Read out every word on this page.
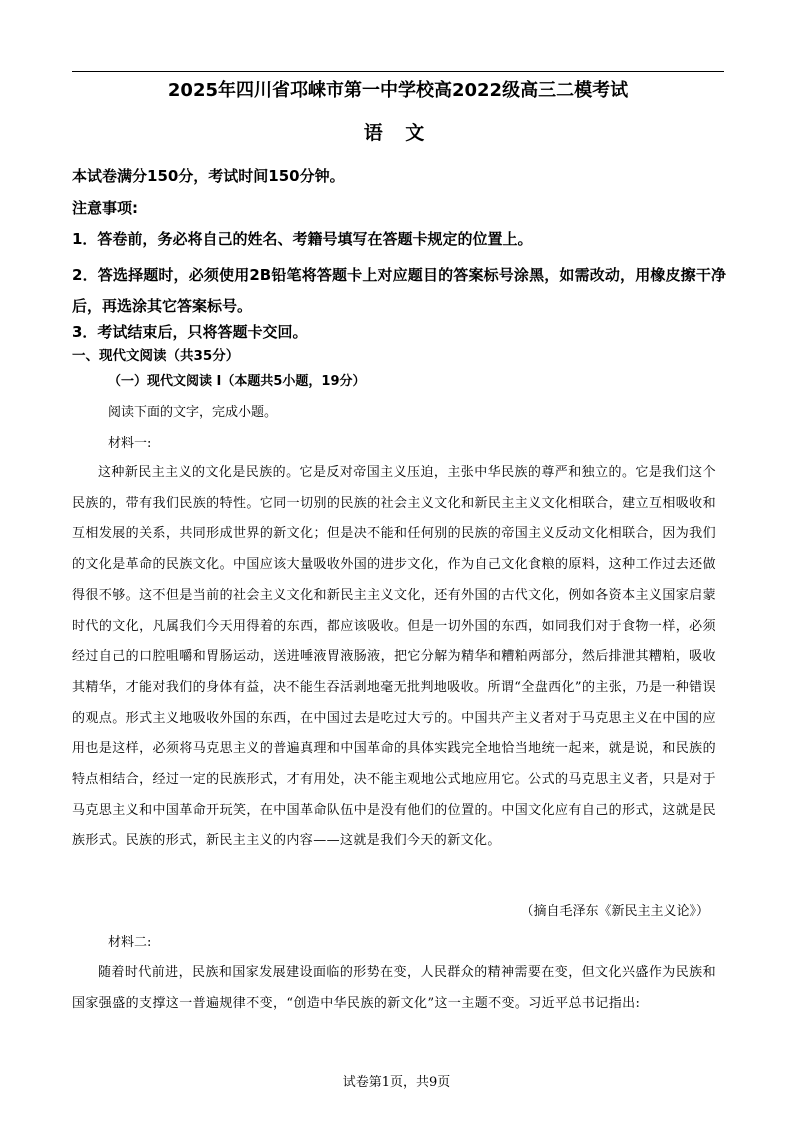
2025年四川省邛崃市第一中学校高2022级高三二模考试
语 文
本试卷满分150分，考试时间150分钟。
注意事项:
1．答卷前，务必将自己的姓名、考籍号填写在答题卡规定的位置上。
2．答选择题时，必须使用2B铅笔将答题卡上对应题目的答案标号涂黑，如需改动，用橡皮擦干净后，再选涂其它答案标号。
3．考试结束后，只将答题卡交回。
一、现代文阅读（共35分）
（一）现代文阅读 I（本题共5小题，19分）
阅读下面的文字，完成小题。
材料一:
这种新民主主义的文化是民族的。它是反对帝国主义压迫，主张中华民族的尊严和独立的。它是我们这个民族的，带有我们民族的特性。它同一切别的民族的社会主义文化和新民主主义文化相联合，建立互相吸收和互相发展的关系，共同形成世界的新文化；但是决不能和任何别的民族的帝国主义反动文化相联合，因为我们的文化是革命的民族文化。中国应该大量吸收外国的进步文化，作为自己文化食粮的原料，这种工作过去还做得很不够。这不但是当前的社会主义文化和新民主主义文化，还有外国的古代文化，例如各资本主义国家启蒙时代的文化，凡属我们今天用得着的东西，都应该吸收。但是一切外国的东西，如同我们对于食物一样，必须经过自己的口腔咀嚼和胃肠运动，送进唾液胃液肠液，把它分解为精华和糟粕两部分，然后排泄其糟粕，吸收其精华，才能对我们的身体有益，决不能生吞活剥地毫无批判地吸收。所谓“全盘西化”的主张，乃是一种错误的观点。形式主义地吸收外国的东西，在中国过去是吃过大亏的。中国共产主义者对于马克思主义在中国的应用也是这样，必须将马克思主义的普遍真理和中国革命的具体实践完全地恰当地统一起来，就是说，和民族的特点相结合，经过一定的民族形式，才有用处，决不能主观地公式地应用它。公式的马克思主义者，只是对于马克思主义和中国革命开玩笑，在中国革命队伍中是没有他们的位置的。中国文化应有自己的形式，这就是民族形式。民族的形式，新民主主义的内容——这就是我们今天的新文化。
（摘自毛泽东《新民主主义论》）
材料二:
随着时代前进，民族和国家发展建设面临的形势在变，人民群众的精神需要在变，但文化兴盛作为民族和国家强盛的支撑这一普遍规律不变，“创造中华民族的新文化”这一主题不变。习近平总书记指出:
试卷第1页，共9页
